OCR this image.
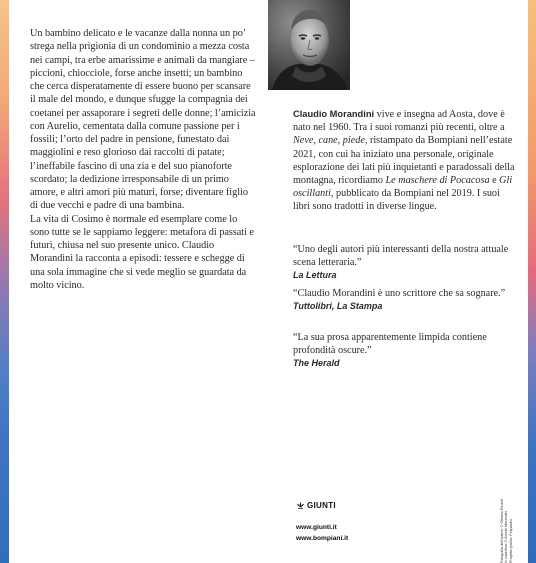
Un bambino delicato e le vacanze dalla nonna un po’ strega nella prigionia di un condominio a mezza costa nei campi, tra erbe amarissime e animali da mangiare – piccioni, chiocciole, forse anche insetti; un bambino che cerca disperatamente di essere buono per scansare il male del mondo, e dunque sfugge la compagnia dei coetanei per assaporare i segreti delle donne; l’amicizia con Aurelio, cementata dalla comune passione per i fossili; l’orto del padre in pensione, funestato dai maggiolini e reso glorioso dai raccolti di patate; l’ineffabile fascino di una zia e del suo pianoforte scordato; la dedizione irresponsabile di un primo amore, e altri amori più maturi, forse; diventare figlio di due vecchi e padre di una bambina.

La vita di Cosimo è normale ed esemplare come lo sono tutte se le sappiamo leggere: metafora di passati e futuri, chiusa nel suo presente unico. Claudio Morandini la racconta a episodi: tessere e schegge di una sola immagine che si vede meglio se guardata da molto vicino.

Claudio Morandini vive e insegna ad Aosta, dove è nato nel 1960. Tra i suoi romanzi più recenti, oltre a Neve, cane, piede, ristampato da Bompiani nell’estate 2021, con cui ha iniziato una personale, originale esplorazione dei lati più inquietanti e paradossali della montagna, ricordiamo Le maschere di Pocacosa e Gli oscillanti, pubblicato da Bompiani nel 2019. I suoi libri sono tradotti in diverse lingue.
“Uno degli autori più interessanti della nostra attuale scena letteraria.”
La Lettura
“Claudio Morandini è uno scrittore che sa sognare.”
Tuttolibri, La Stampa
“La sua prosa apparentemente limpida contiene profondità oscure.”
The Herald
GIUNTI
www.giunti.it
www.bompiani.it	Fotografia dell’autore: © Stefano Peranti In copertina: © Aurelio Morandini Progetto grafico: Polystudio
